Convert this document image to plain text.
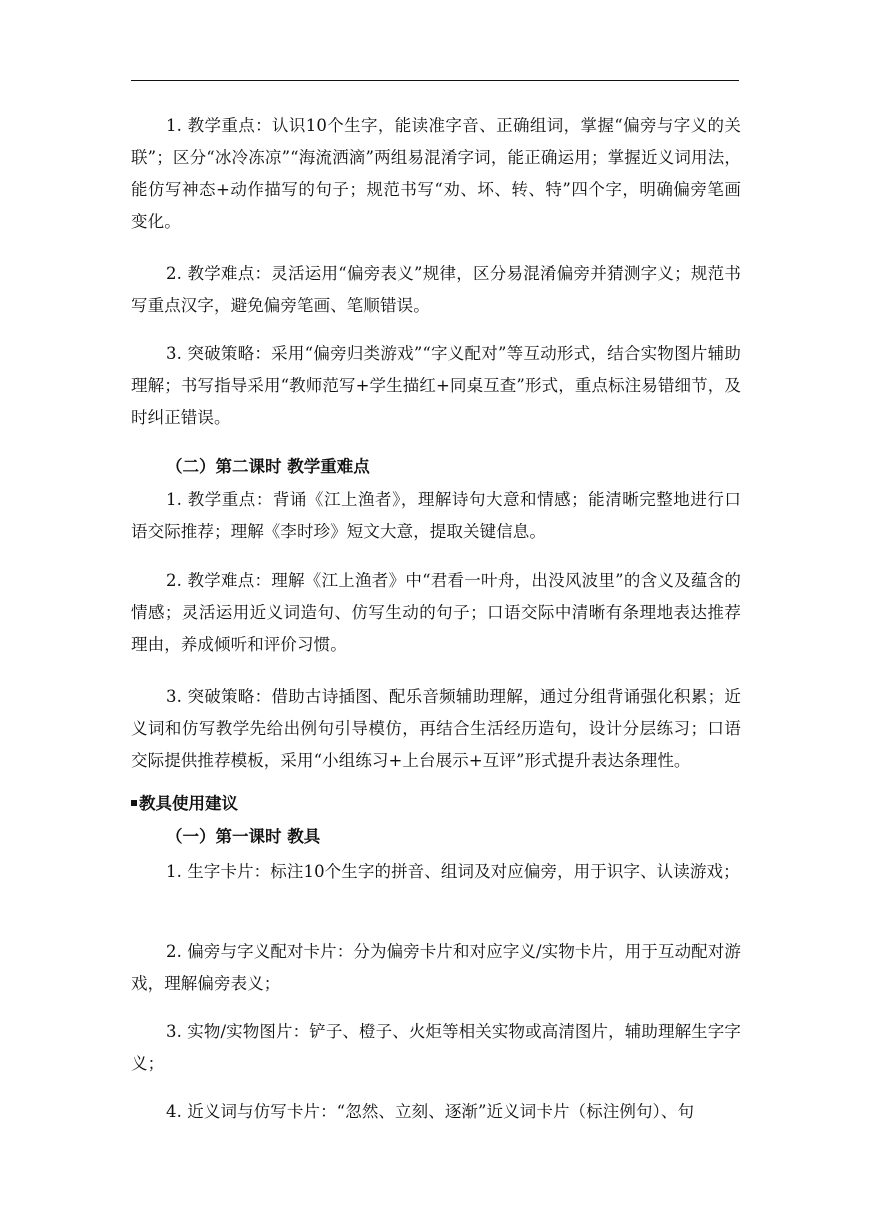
1. 教学重点：认识10个生字，能读准字音、正确组词，掌握“偏旁与字义的关联”；区分“冰冷冻凉”“海流洒滴”两组易混淆字词，能正确运用；掌握近义词用法，能仿写神态+动作描写的句子；规范书写“劝、坏、转、特”四个字，明确偏旁笔画变化。
2. 教学难点：灵活运用“偏旁表义”规律，区分易混淆偏旁并猜测字义；规范书写重点汉字，避免偏旁笔画、笔顺错误。
3. 突破策略：采用“偏旁归类游戏”“字义配对”等互动形式，结合实物图片辅助理解；书写指导采用“教师范写+学生描红+同桌互查”形式，重点标注易错细节，及时纠正错误。
（二）第二课时 教学重难点
1. 教学重点：背诵《江上渔者》，理解诗句大意和情感；能清晰完整地进行口语交际推荐；理解《李时珍》短文大意，提取关键信息。
2. 教学难点：理解《江上渔者》中“君看一叶舟，出没风波里”的含义及蕴含的情感；灵活运用近义词造句、仿写生动的句子；口语交际中清晰有条理地表达推荐理由，养成倾听和评价习惯。
3. 突破策略：借助古诗插图、配乐音频辅助理解，通过分组背诵强化积累；近义词和仿写教学先给出例句引导模仿，再结合生活经历造句，设计分层练习；口语交际提供推荐模板，采用“小组练习+上台展示+互评”形式提升表达条理性。
教具使用建议
（一）第一课时 教具
1. 生字卡片：标注10个生字的拼音、组词及对应偏旁，用于识字、认读游戏；
2. 偏旁与字义配对卡片：分为偏旁卡片和对应字义/实物卡片，用于互动配对游戏，理解偏旁表义；
3. 实物/实物图片：铲子、橙子、火炬等相关实物或高清图片，辅助理解生字字义；
4. 近义词与仿写卡片：“忽然、立刻、逐渐”近义词卡片（标注例句）、句
